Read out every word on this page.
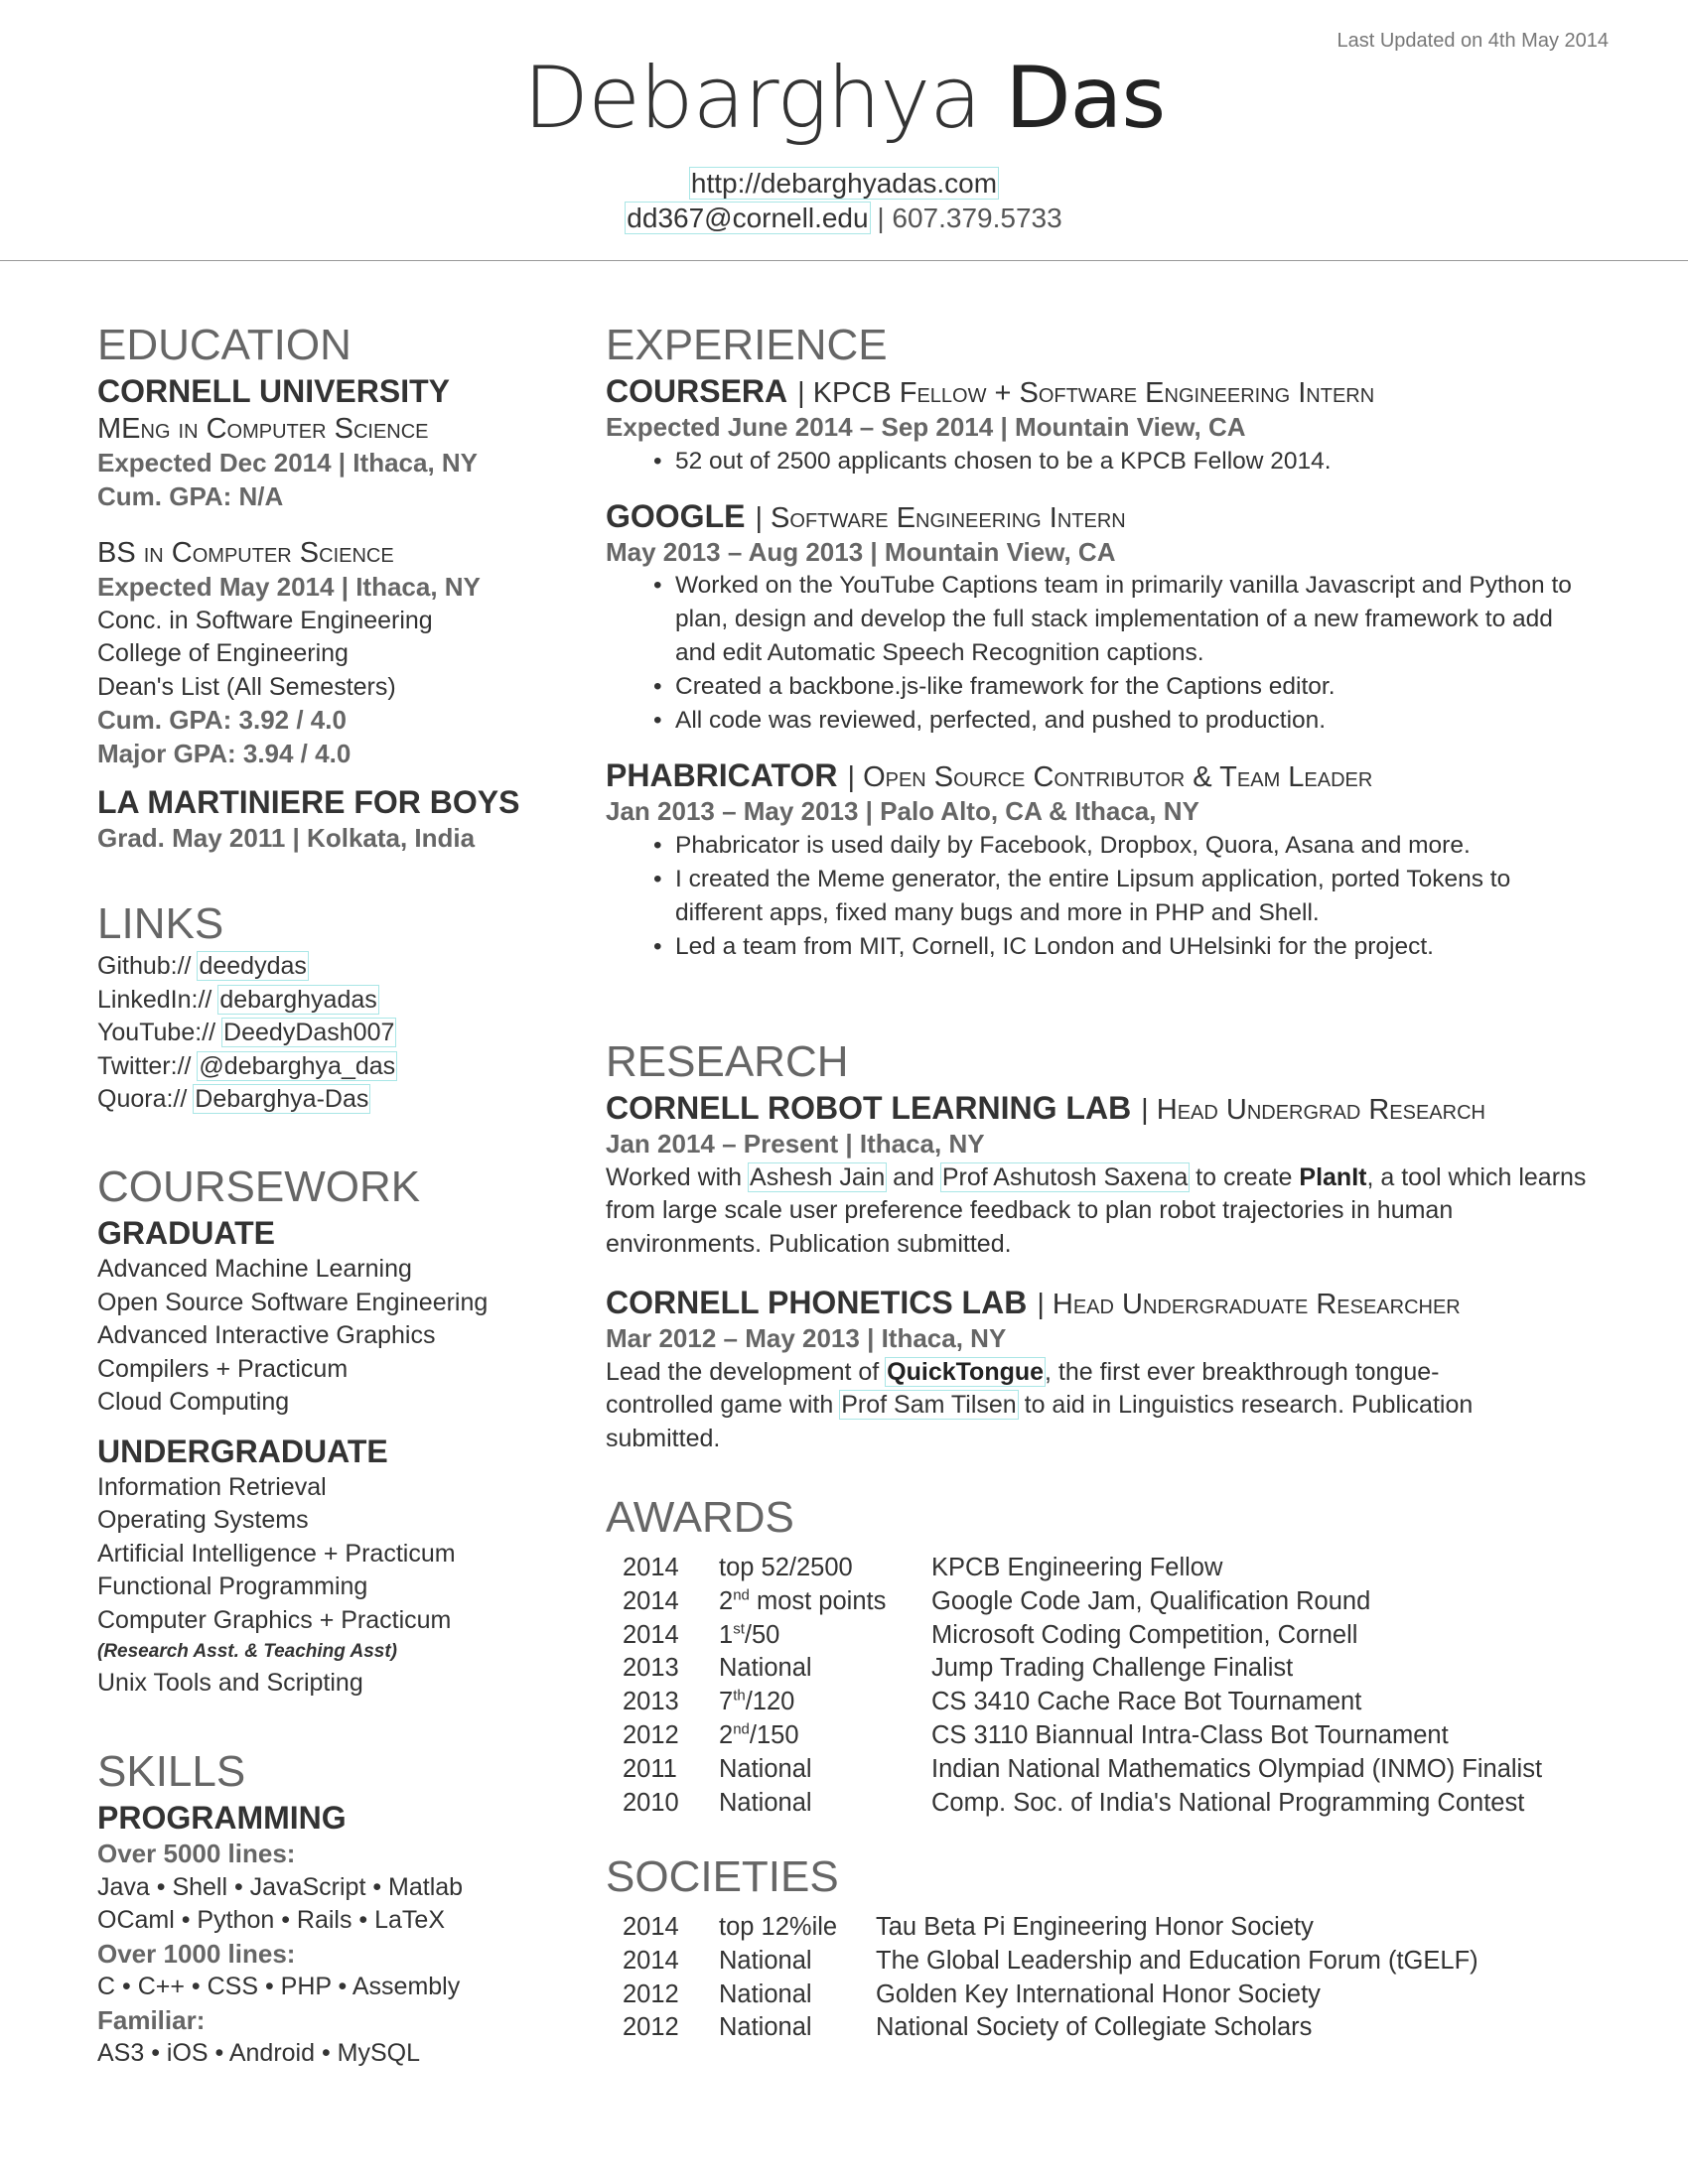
Last Updated on 4th May 2014
Debarghya Das
http://debarghyadas.com
dd367@cornell.edu | 607.379.5733
EDUCATION
CORNELL UNIVERSITY
MEng in Computer Science
Expected Dec 2014 | Ithaca, NY
Cum. GPA: N/A
BS in Computer Science
Expected May 2014 | Ithaca, NY
Conc. in Software Engineering
College of Engineering
Dean's List (All Semesters)
Cum. GPA: 3.92 / 4.0
Major GPA: 3.94 / 4.0
LA MARTINIERE FOR BOYS
Grad. May 2011 | Kolkata, India
LINKS
Github:// deedydas
LinkedIn:// debarghyadas
YouTube:// DeedyDash007
Twitter:// @debarghya_das
Quora:// Debarghya-Das
COURSEWORK
GRADUATE
Advanced Machine Learning
Open Source Software Engineering
Advanced Interactive Graphics
Compilers + Practicum
Cloud Computing
UNDERGRADUATE
Information Retrieval
Operating Systems
Artificial Intelligence + Practicum
Functional Programming
Computer Graphics + Practicum
(Research Asst. & Teaching Asst)
Unix Tools and Scripting
SKILLS
PROGRAMMING
Over 5000 lines:
Java • Shell • JavaScript • Matlab
OCaml • Python • Rails • LaTeX
Over 1000 lines:
C • C++ • CSS • PHP • Assembly
Familiar:
AS3 • iOS • Android • MySQL
EXPERIENCE
COURSERA | KPCB Fellow + Software Engineering Intern
Expected June 2014 – Sep 2014 | Mountain View, CA
• 52 out of 2500 applicants chosen to be a KPCB Fellow 2014.
GOOGLE | Software Engineering Intern
May 2013 – Aug 2013 | Mountain View, CA
• Worked on the YouTube Captions team in primarily vanilla Javascript and Python to plan, design and develop the full stack implementation of a new framework to add and edit Automatic Speech Recognition captions.
• Created a backbone.js-like framework for the Captions editor.
• All code was reviewed, perfected, and pushed to production.
PHABRICATOR | Open Source Contributor & Team Leader
Jan 2013 – May 2013 | Palo Alto, CA & Ithaca, NY
• Phabricator is used daily by Facebook, Dropbox, Quora, Asana and more.
• I created the Meme generator, the entire Lipsum application, ported Tokens to different apps, fixed many bugs and more in PHP and Shell.
• Led a team from MIT, Cornell, IC London and UHelsinki for the project.
RESEARCH
CORNELL ROBOT LEARNING LAB | Head Undergrad Research
Jan 2014 – Present | Ithaca, NY
Worked with Ashesh Jain and Prof Ashutosh Saxena to create PlanIt, a tool which learns from large scale user preference feedback to plan robot trajectories in human environments. Publication submitted.
CORNELL PHONETICS LAB | Head Undergraduate Researcher
Mar 2012 – May 2013 | Ithaca, NY
Lead the development of QuickTongue, the first ever breakthrough tongue-controlled game with Prof Sam Tilsen to aid in Linguistics research. Publication submitted.
AWARDS
2014	top 52/2500	KPCB Engineering Fellow
2014	2nd most points	Google Code Jam, Qualification Round
2014	1st/50	Microsoft Coding Competition, Cornell
2013	National	Jump Trading Challenge Finalist
2013	7th/120	CS 3410 Cache Race Bot Tournament
2012	2nd/150	CS 3110 Biannual Intra-Class Bot Tournament
2011	National	Indian National Mathematics Olympiad (INMO) Finalist
2010	National	Comp. Soc. of India's National Programming Contest
SOCIETIES
2014	top 12%ile	Tau Beta Pi Engineering Honor Society
2014	National	The Global Leadership and Education Forum (tGELF)
2012	National	Golden Key International Honor Society
2012	National	National Society of Collegiate Scholars
